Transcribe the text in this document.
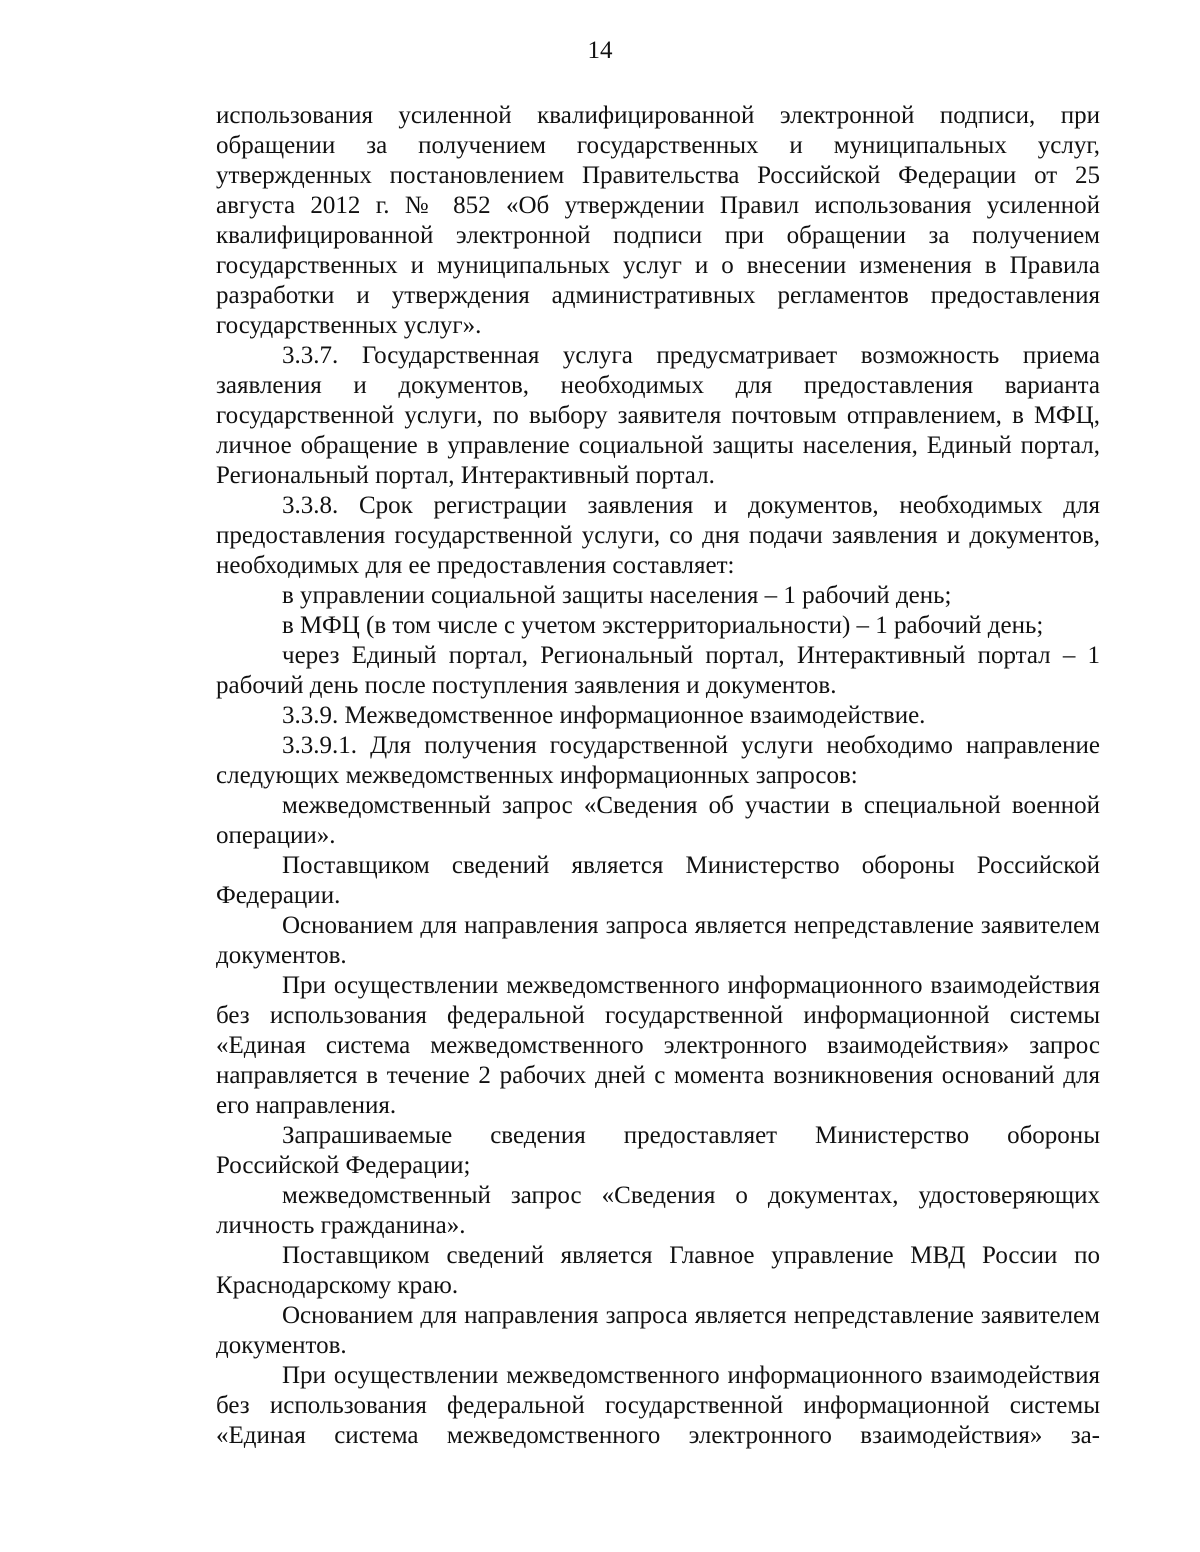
14

использования усиленной квалифицированной электронной подписи, при обращении за получением государственных и муниципальных услуг, утвержденных постановлением Правительства Российской Федерации от 25 августа 2012 г. № 852 «Об утверждении Правил использования усиленной квалифицированной электронной подписи при обращении за получением государственных и муниципальных услуг и о внесении изменения в Правила разработки и утверждения административных регламентов предоставления государственных услуг».

3.3.7. Государственная услуга предусматривает возможность приема заявления и документов, необходимых для предоставления варианта государственной услуги, по выбору заявителя почтовым отправлением, в МФЦ, личное обращение в управление социальной защиты населения, Единый портал, Региональный портал, Интерактивный портал.

3.3.8. Срок регистрации заявления и документов, необходимых для предоставления государственной услуги, со дня подачи заявления и документов, необходимых для ее предоставления составляет:

в управлении социальной защиты населения – 1 рабочий день;

в МФЦ (в том числе с учетом экстерриториальности) – 1 рабочий день;

через Единый портал, Региональный портал, Интерактивный портал – 1 рабочий день после поступления заявления и документов.

3.3.9. Межведомственное информационное взаимодействие.

3.3.9.1. Для получения государственной услуги необходимо направление следующих межведомственных информационных запросов:

межведомственный запрос «Сведения об участии в специальной военной операции».

Поставщиком сведений является Министерство обороны Российской Федерации.

Основанием для направления запроса является непредставление заявителем документов.

При осуществлении межведомственного информационного взаимодействия без использования федеральной государственной информационной системы «Единая система межведомственного электронного взаимодействия» запрос направляется в течение 2 рабочих дней с момента возникновения оснований для его направления.

Запрашиваемые сведения предоставляет Министерство обороны Российской Федерации;

межведомственный запрос «Сведения о документах, удостоверяющих личность гражданина».

Поставщиком сведений является Главное управление МВД России по Краснодарскому краю.

Основанием для направления запроса является непредставление заявителем документов.

При осуществлении межведомственного информационного взаимодействия без использования федеральной государственной информационной системы «Единая система межведомственного электронного взаимодействия» за-
